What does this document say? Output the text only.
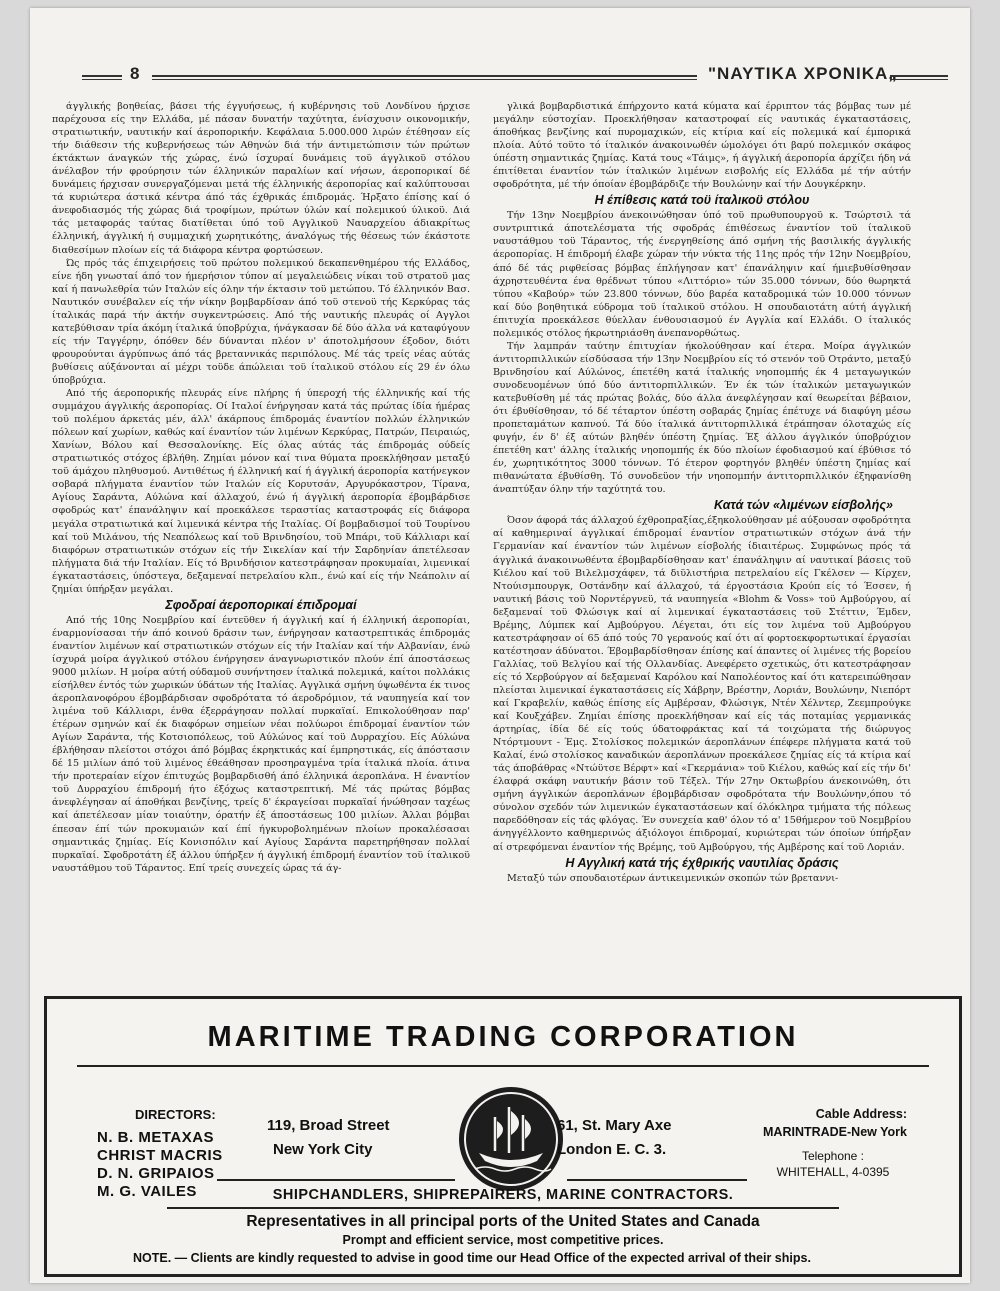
8	"ΝΑΥΤΙΚΑ ΧΡΟΝΙΚΑ„

άγγλικής βοηθείας, βάσει τής έγγυήσεως, ή κυβέρνησις τοϋ Λονδίνου ήρχισε παρέχουσα είς την Ελλάδα, μέ πάσαν δυνατήν ταχύτητα, ένίσχυσιν οικονομικήν, στρατιωτικήν, ναυτικήν καί άεροπορικήν. Κεφάλαια 5.000.000 λιρών έτέθησαν είς τήν διάθεσιν τής κυβερνήσεως τών Αθηνών διά τήν άντιμετώπισιν τών πρώτων έκτάκτων άναγκών τής χώρας, ένώ ίσχυραί δυνάμεις τοϋ άγγλικοϋ στόλου άνέλαβον τήν φρούρησιν τών έλληνικών παραλίων καί νήσων, άεροπορικαί δέ δυνάμεις ήρχισαν συνεργαζόμεναι μετά τής έλληνικής άεροπορίας καί καλύπτουσαι τά κυριώτερα άστικά κέντρα άπό τάς έχθρικάς έπιδρομάς. Ήρξατο έπίσης καί ό άνεφοδιασμός τής χώρας διά τροφίμων, πρώτων ύλών καί πολεμικού ύλικοϋ. Διά τάς μεταφοράς ταύτας διατίθεται ύπό τοϋ Αγγλικοϋ Ναυαρχείου άδιακρίτως έλληνική, άγγλική ή συμμαχική χωρητικότης, άναλόγως τής θέσεως τών έκάστοτε διαθεσίμων πλοίων είς τά διάφορα κέντρα φορτώσεων.

Ώς πρός τάς έπιχειρήσεις τοϋ πρώτου πολεμικού δεκαπενθημέρου τής Ελλάδος, είνε ήδη γνωσταί άπό τον ήμερήσιον τύπον αί μεγαλειώδεις νίκαι τοϋ στρατοϋ μας καί ή πανωλεθρία τών Ιταλών είς όλην τήν έκτασιν τοϋ μετώπου. Τό έλληνικόν Βασ. Ναυτικόν συνέβαλεν είς τήν νίκην βομβαρδίσαν άπό τοϋ στενοϋ τής Κερκύρας τάς ίταλικάς παρά τήν άκτήν συγκεντρώσεις. Από τής ναυτικής πλευράς οί Αγγλοι κατεβύθισαν τρία άκόμη ίταλικά ύποβρύχια, ήνάγκασαν δέ δύο άλλα νά καταφύγουν είς τήν Ταγγέρην, όπόθεν δέν δύνανται πλέον ν' άποτολμήσουν έξοδον, διότι φρουρούνται άγρύπνως άπό τάς βρεταννικάς περιπόλους. Μέ τάς τρείς νέας αύτάς βυθίσεις αύξάνονται αί μέχρι τοϋδε άπώλειαι τοϋ ίταλικοϋ στόλου είς 29 έν όλω ύποβρύχια.

Από τής άεροπορικής πλευράς είνε πλήρης ή ύπεροχή τής έλληνικής καί τής συμμάχου άγγλικής άεροπορίας. Οί Ιταλοί ένήργησαν κατά τάς πρώτας ίδία ήμέρας τοϋ πολέμου άρκετάς μέν, άλλ' άκάρπους έπιδρομάς έναντίον πολλών έλληνικών πόλεων καί χωρίων, καθώς καί έναντίον τών λιμένων Κερκύρας, Πατρών, Πειραιώς, Χανίων, Βόλου καί Θεσσαλονίκης. Είς όλας αύτάς τάς έπιδρομάς ούδείς στρατιωτικός στόχος έβλήθη. Ζημίαι μόνον καί τινα θύματα προεκλήθησαν μεταξύ τοϋ άμάχου πληθυσμού. Αντιθέτως ή έλληνική καί ή άγγλική άεροπορία κατήνεγκον σοβαρά πλήγματα έναντίον τών Ιταλών είς Κορυτσάν, Αργυρόκαστρον, Τίρανα, Αγίους Σαράντα, Αύλώνα καί άλλαχού, ένώ ή άγγλική άεροπορία έβομβάρδισε σφοδρώς κατ' έπανάληψιν καί προεκάλεσε τεραστίας καταστροφάς είς διάφορα μεγάλα στρατιωτικά καί λιμενικά κέντρα τής Ιταλίας. Οί βομβαδισμοί τοϋ Τουρίνου καί τοϋ Μιλάνου, τής Νεαπόλεως καί τοϋ Βρινδησίου, τοϋ Μπάρι, τοϋ Κάλλιαρι καί διαφόρων στρατιωτικών στόχων είς τήν Σικελίαν καί τήν Σαρδηνίαν άπετέλεσαν πλήγματα διά τήν Ιταλίαν. Είς τό Βρινδήσιον κατεστράφησαν προκυμαίαι, λιμενικαί έγκαταστάσεις, ύπόστεγα, δεξαμεναί πετρελαίου κλπ., ένώ καί είς τήν Νεάπολιν αί ζημίαι ύπήρξαν μεγάλαι.

Σφοδραί άεροπορικαί έπιδρομαί

Από τής 10ης Νοεμβρίου καί έντεϋθεν ή άγγλική καί ή έλληνική άεροπορίαι, έναρμονίσασαι τήν άπό κοινού δράσιν των, ένήργησαν καταστρεπτικάς έπιδρομάς έναντίον λιμένων καί στρατιωτικών στόχων είς τήν Ιταλίαν καί τήν Αλβανίαν, ένώ ίσχυρά μοίρα άγγλικού στόλου ένήργησεν άναγνωριστικόν πλούν έπί άποστάσεως 9000 μιλίων. Η μοίρα αύτή ούδαμοϋ συνήντησεν ίταλικά πολεμικά, καίτοι πολλάκις είσήλθεν έντός τών χωρικών ύδάτων τής Ιταλίας. Αγγλικά σμήνη ύψωθέντα έκ τινος άεροπλανοφόρου έβομβάρδισαν σφοδρότατα τό άεροδρόμιον, τά ναυπηγεία καί τον λιμένα τοϋ Κάλλιαρι, ένθα έξερράγησαν πολλαί πυρκαϊαί. Επικολούθησαν παρ' έτέρων σμηνών καί έκ διαφόρων σημείων νέαι πολύωροι έπιδρομαί έναντίον τών Αγίων Σαράντα, τής Κοτσιοπόλεως, τοϋ Αύλώνος καί τοϋ Δυρραχίου. Είς Αύλώνα έβλήθησαν πλείστοι στόχοι άπό βόμβας έκρηκτικάς καί έμπρηστικάς, είς άπόστασιν δέ 15 μιλίων άπό τοϋ λιμένος έθεάθησαν προσηραγμένα τρία ίταλικά πλοία. άτινα τήν προτεραίαν είχον έπιτυχώς βομβαρδισθή άπό έλληνικά άεροπλάνα. Η έναντίον τοϋ Δυρραχίου έπιδρομή ήτο έξόχως καταστρεπτική. Μέ τάς πρώτας βόμβας άνεφλέγησαν αί άποθήκαι βενζίνης, τρείς δ' έκραγείσαι πυρκαϊαί ήνώθησαν ταχέως καί άπετέλεσαν μίαν τοιαύτην, όρατήν έξ άποστάσεως 100 μιλίων. Άλλαι βόμβαι έπεσαν έπί τών προκυμαιών καί έπί ήγκυροβολημένων πλοίων προκαλέσασαι σημαντικάς ζημίας. Είς Κονισπόλιν καί Αγίους Σαράντα παρετηρήθησαν πολλαί πυρκαϊαί. Σφοδροτάτη έξ άλλου ύπήρξεν ή άγγλική έπιδρομή έναντίον τοϋ ίταλικοϋ ναυστάθμου τοϋ Τάραντος. Επί τρείς συνεχείς ώρας τά άγ-

γλικά βομβαρδιστικά έπήρχοντο κατά κύματα καί έρριπτον τάς βόμβας των μέ μεγάλην εύστοχίαν. Προεκλήθησαν καταστροφαί είς ναυτικάς έγκαταστάσεις, άποθήκας βενζίνης καί πυρομαχικών, είς κτίρια καί είς πολεμικά καί έμπορικά πλοία. Αύτό τοϋτο τό ίταλικόν άνακοινωθέν ώμολόγει ότι βαρύ πολεμικόν σκάφος ύπέστη σημαντικάς ζημίας. Κατά τους «Τάιμς», ή άγγλική άεροπορία άρχίζει ήδη νά έπιτίθεται έναντίον τών ίταλικών λιμένων εισβολής είς Ελλάδα μέ τήν αύτήν σφοδρότητα, μέ τήν όποίαν έβομβάρδιζε τήν Βουλώνην καί τήν Δουγκέρκην.

Η έπίθεσις κατά τοϋ ίταλικοϋ στόλου

Τήν 13ην Νοεμβρίου άνεκοινώθησαν ύπό τοϋ πρωθυπουργοϋ κ. Τσώρτσιλ τά συντριπτικά άποτελέσματα τής σφοδράς έπιθέσεως έναντίον τοϋ ίταλικοϋ ναυστάθμου τοϋ Τάραντος, τής ένεργηθείσης άπό σμήνη τής βασιλικής άγγλικής άεροπορίας. Η έπιδρομή έλαβε χώραν τήν νύκτα τής 11ης πρός τήν 12ην Νοεμβρίου, άπό δέ τάς ριφθείσας βόμβας έπλήγησαν κατ' έπανάληψιν καί ήμιεβυθίσθησαν άχρηστευθέντα ένα θρέδνωτ τύπου «Λιττόριο» τών 35.000 τόννων, δύο θωρηκτά τύπου «Καβούρ» τών 23.800 τόννων, δύο βαρέα καταδρομικά τών 10.000 τόννων καί δύο βοηθητικά εύδρομα τοϋ ίταλικοϋ στόλου. Η σπουδαιοτάτη αύτή άγγλική έπιτυχία προεκάλεσε θύελλαν ένθουσιασμού έν Αγγλία καί Ελλάδι. Ο ίταλικός πολεμικός στόλος ήκρωτηριάσθη άνεπανορθώτως.

Τήν λαμπράν ταύτην έπιτυχίαν ήκολούθησαν καί έτερα. Μοίρα άγγλικών άντιτορπιλλικών είσδύσασα τήν 13ην Νοεμβρίου είς τό στενόν τοϋ Οτράντο, μεταξύ Βρινδησίου καί Αύλώνος, έπετέθη κατά ίταλικής νηοπομπής έκ 4 μεταγωγικών συνοδευομένων ύπό δύο άντιτορπιλλικών. Έν έκ τών ίταλικών μεταγωγικών κατεβυθίσθη μέ τάς πρώτας βολάς, δύο άλλα άνεφλέγησαν καί θεωρείται βέβαιον, ότι έβυθίσθησαν, τό δέ τέταρτον ύπέστη σοβαράς ζημίας έπέτυχε νά διαφύγη μέσω προπεταμάτων καπνού. Τά δύο ίταλικά άντιτορπιλλικά έτράπησαν όλοταχώς είς φυγήν, έν δ' έξ αύτών βληθέν ύπέστη ζημίας. Έξ άλλου άγγλικόν ύποβρύχιον έπετέθη κατ' άλλης ίταλικής νηοπομπής έκ δύο πλοίων έφοδιασμού καί έβύθισε τό έν, χωρητικότητος 3000 τόννων. Τό έτερον φορτηγόν βληθέν ύπέστη ζημίας καί πιθανώτατα έβυθίσθη. Τό συνοδεϋον τήν νηοπομπήν άντιτορπιλλικόν έξηφανίσθη άναπτύξαν όλην τήν ταχύτητά του.

Κατά τών «λιμένων είσβολής»

Όσον άφορά τάς άλλαχού έχθροπραξίας,έξηκολούθησαν μέ αύξουσαν σφοδρότητα αί καθημεριναί άγγλικαί έπιδρομαί έναντίον στρατιωτικών στόχων άνά τήν Γερμανίαν καί έναντίον τών λιμένων είσβολής ίδιαιτέρως. Συμφώνως πρός τά άγγλικά άνακοινωθέντα έβομβαρδίσθησαν κατ' έπανάληψιν αί ναυτικαί βάσεις τοϋ Κιέλου καί τοϋ Βιλελμσχάφεν, τά διϋλιστήρια πετρελαίου είς Γκέλσεν — Κίρχεν, Ντούισμπουργκ, Οστάνδην καί άλλαχού, τά έργοστάσια Κρούπ είς τό Έσσεν, ή ναυτική βάσις τοϋ Νορντέργνεϋ, τά ναυπηγεία «Blohm & Voss» τοϋ Αμβούργου, αί δεξαμεναί τοϋ Φλώσιγκ καί αί λιμενικαί έγκαταστάσεις τοϋ Στέττιν, Έμδεν, Βρέμης, Λύμπεκ καί Αμβούργου. Λέγεται, ότι είς τον λιμένα τοϋ Αμβούργου κατεστράφησαν οί 65 άπό τούς 70 γερανούς καί ότι αί φορτοεκφορτωτικαί έργασίαι κατέστησαν άδύνατοι. Έβομβαρδίσθησαν έπίσης καί άπαντες οί λιμένες τής βορείου Γαλλίας, τοϋ Βελγίου καί τής Ολλανδίας. Ανεφέρετο σχετικώς, ότι κατεστράφησαν είς τό Χερβούργον αί δεξαμεναί Καρόλου καί Ναπολέοντος καί ότι κατερειπώθησαν πλείσται λιμενικαί έγκαταστάσεις είς Χάβρην, Βρέστην, Λοριάν, Βουλώνην, Νιεπόρτ καί Γκραβελίν, καθώς έπίσης είς Αμβέρσαν, Φλώσιγκ, Ντέν Χέλντερ, Ζεεμπρούγκε καί Κουξχάβεν. Ζημίαι έπίσης προεκλήθησαν καί είς τάς ποταμίας γερμανικάς άρτηρίας, ίδία δέ είς τούς ύδατοφράκτας καί τά τοιχώματα τής διώρυγος Ντόρτμουντ - Έμς. Στολίσκος πολεμικών άεροπλάνων έπέφερε πλήγματα κατά τοϋ Καλαί, ένώ στολίσκος καναδικών άεροπλάνων προεκάλεσε ζημίας είς τά κτίρια καί τάς άποβάθρας «Ντώϋτσε Βέρφτ» καί «Γκερμάνια» τοϋ Κιέλου, καθώς καί είς τήν δι' έλαφρά σκάφη ναυτικήν βάσιν τοϋ Τέξελ. Τήν 27ην Οκτωβρίου άνεκοινώθη, ότι σμήνη άγγλικών άεροπλάνων έβομβάρδισαν σφοδρότατα τήν Βουλώνην,όπου τό σύνολον σχεδόν τών λιμενικών έγκαταστάσεων καί όλόκληρα τμήματα τής πόλεως παρεδόθησαν είς τάς φλόγας. Έν συνεχεία καθ' όλον τό α' 15θήμερον τοϋ Νοεμβρίου άνηγγέλλοντο καθημερινώς άξιόλογοι έπιδρομαί, κυριώτεραι τών όποίων ύπήρξαν αί στρεφόμεναι έναντίον τής Βρέμης, τοϋ Αμβούργου, τής Αμβέρσης καί τοϋ Λοριάν.

Η Αγγλική κατά τής έχθρικής ναυτιλίας δράσις

Μεταξύ τών σπουδαιοτέρων άντικειμενικών σκοπών τών βρεταννι-

MARITIME TRADING CORPORATION
DIRECTORS:
N. B. METAXAS
CHRIST MACRIS
D. N. GRIPAIOS
M. G. VAILES
119, Broad Street
New York City
61, St. Mary Axe
London E. C. 3.
Cable Address:
MARINTRADE-New York
Telephone :
WHITEHALL, 4-0395
SHIPCHANDLERS, SHIPREPAIRERS, MARINE CONTRACTORS.
Representatives in all principal ports of the United States and Canada
Prompt and efficient service, most competitive prices.
NOTE. — Clients are kindly requested to advise in good time our Head Office of the expected arrival of their ships.
